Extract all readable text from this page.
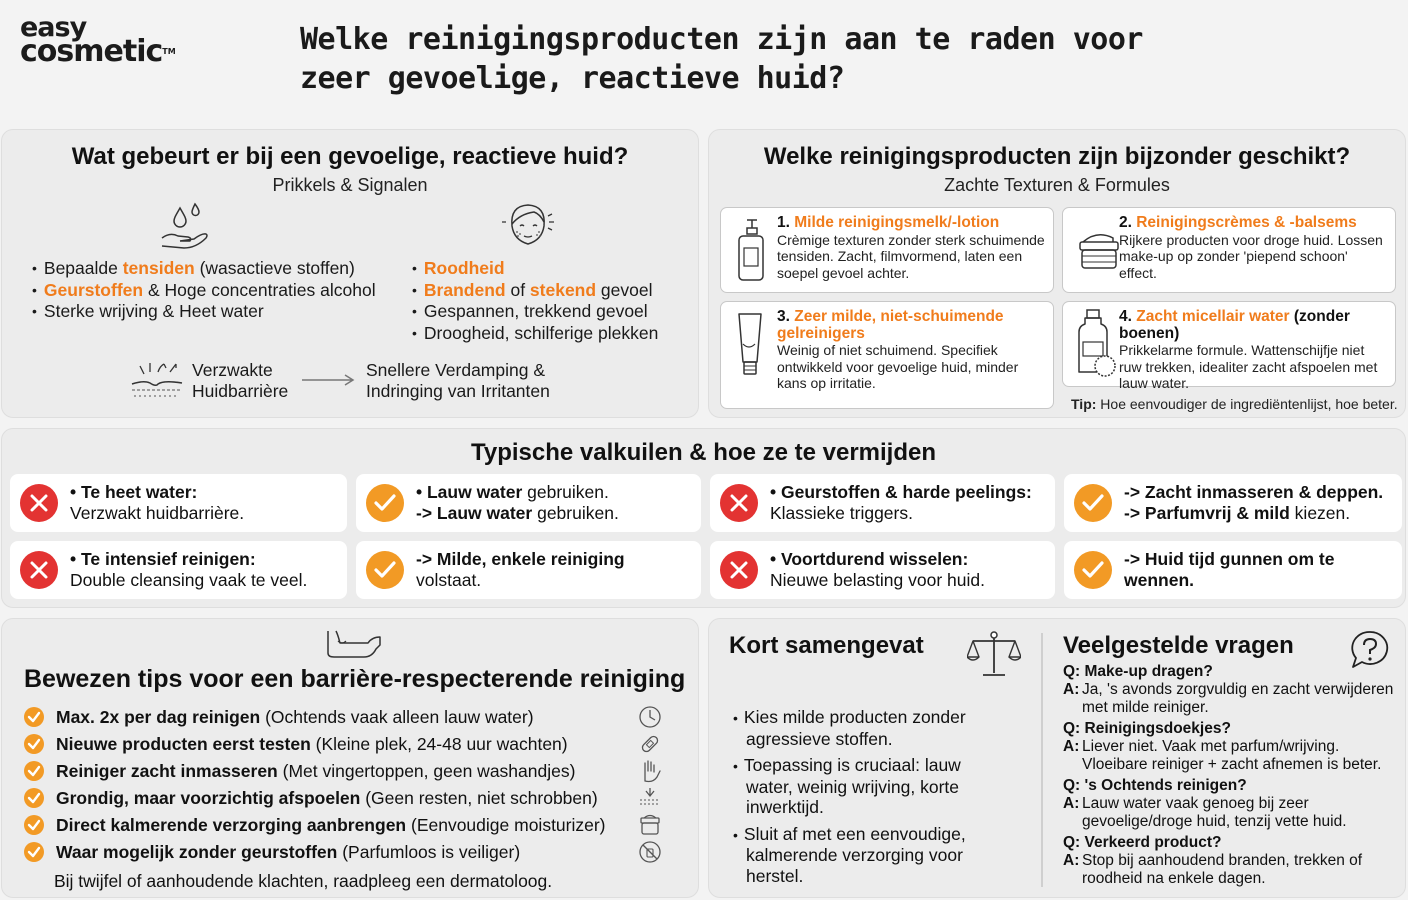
easy
cosmetic™	Welke reinigingsproducten zijn aan te raden voor zeer gevoelige, reactieve huid?
Wat gebeurt er bij een gevoelige, reactieve huid?
Prikkels & Signalen
• Bepaalde tensiden (wasactieve stoffen)
• Geurstoffen & Hoge concentraties alcohol
• Sterke wrijving & Heet water
• Roodheid
• Brandend of stekend gevoel
• Gespannen, trekkend gevoel
• Droogheid, schilferige plekken
Verzwakte
Huidbarrière
Snellere Verdamping &
Indringing van Irritanten
Welke reinigingsproducten zijn bijzonder geschikt?
Zachte Texturen & Formules
1. Milde reinigingsmelk/-lotion
Crèmige texturen zonder sterk schuimende tensiden. Zacht, filmvormend, laten een soepel gevoel achter.
2. Reinigingscrèmes & -balsems
Rijkere producten voor droge huid. Lossen make-up op zonder 'piepend schoon' effect.
3. Zeer milde, niet-schuimende gelreinigers
Weinig of niet schuimend. Specifiek ontwikkeld voor gevoelige huid, minder kans op irritatie.
4. Zacht micellair water (zonder boenen)
Prikkelarme formule. Wattenschijfje niet ruw trekken, idealiter zacht afspoelen met lauw water.
Tip: Hoe eenvoudiger de ingrediëntenlijst, hoe beter.
Typische valkuilen & hoe ze te vermijden
• Te heet water:
Verzwakt huidbarrière.
• Lauw water gebruiken.
-> Lauw water gebruiken.
• Geurstoffen & harde peelings:
Klassieke triggers.
-> Zacht inmasseren & deppen.
-> Parfumvrij & mild kiezen.
• Te intensief reinigen:
Double cleansing vaak te veel.
-> Milde, enkele reiniging
volstaat.
• Voortdurend wisselen:
Nieuwe belasting voor huid.
-> Huid tijd gunnen om te
wennen.
Bewezen tips voor een barrière-respecterende reiniging
Max. 2x per dag reinigen (Ochtends vaak alleen lauw water)
Nieuwe producten eerst testen (Kleine plek, 24-48 uur wachten)
Reiniger zacht inmasseren (Met vingertoppen, geen washandjes)
Grondig, maar voorzichtig afspoelen (Geen resten, niet schrobben)
Direct kalmerende verzorging aanbrengen (Eenvoudige moisturizer)
Waar mogelijk zonder geurstoffen (Parfumloos is veiliger)
Bij twijfel of aanhoudende klachten, raadpleeg een dermatoloog.
Kort samengevat
• Kies milde producten zonder agressieve stoffen.
• Toepassing is cruciaal: lauw water, weinig wrijving, korte inwerktijd.
• Sluit af met een eenvoudige, kalmerende verzorging voor herstel.
Veelgestelde vragen
Q: Make-up dragen?
A: Ja, 's avonds zorgvuldig en zacht verwijderen met milde reiniger.
Q: Reinigingsdoekjes?
A: Liever niet. Vaak met parfum/wrijving. Vloeibare reiniger + zacht afnemen is beter.
Q: 's Ochtends reinigen?
A: Lauw water vaak genoeg bij zeer gevoelige/droge huid, tenzij vette huid.
Q: Verkeerd product?
A: Stop bij aanhoudend branden, trekken of roodheid na enkele dagen.
